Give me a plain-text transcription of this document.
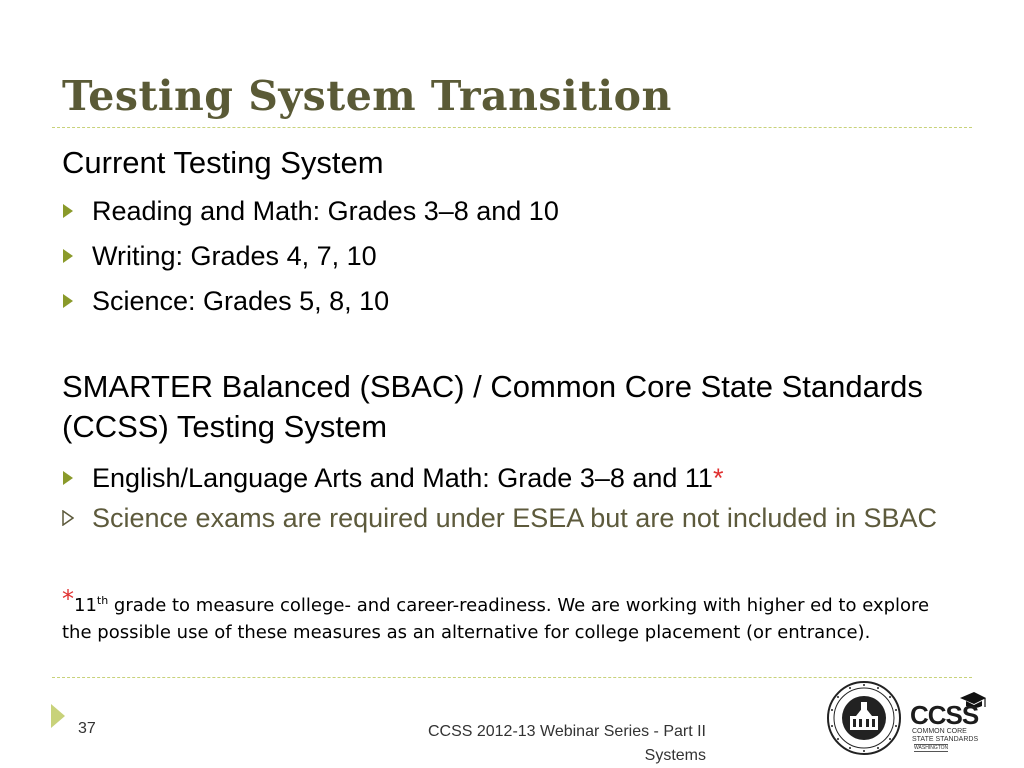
Testing System Transition
Current Testing System
Reading and Math: Grades 3–8 and 10
Writing: Grades 4, 7, 10
Science: Grades 5, 8, 10
SMARTER Balanced (SBAC) / Common Core State Standards (CCSS) Testing System
English/Language Arts and Math: Grade 3–8 and 11*
Science exams are required under ESEA but are not included in SBAC
*11th grade to measure college- and career-readiness. We are working with higher ed to explore the possible use of these measures as an alternative for college placement (or entrance).
37	CCSS 2012-13 Webinar Series - Part II
Systems
CCSS
COMMON CORE
STATE STANDARDS
WASHINGTON
